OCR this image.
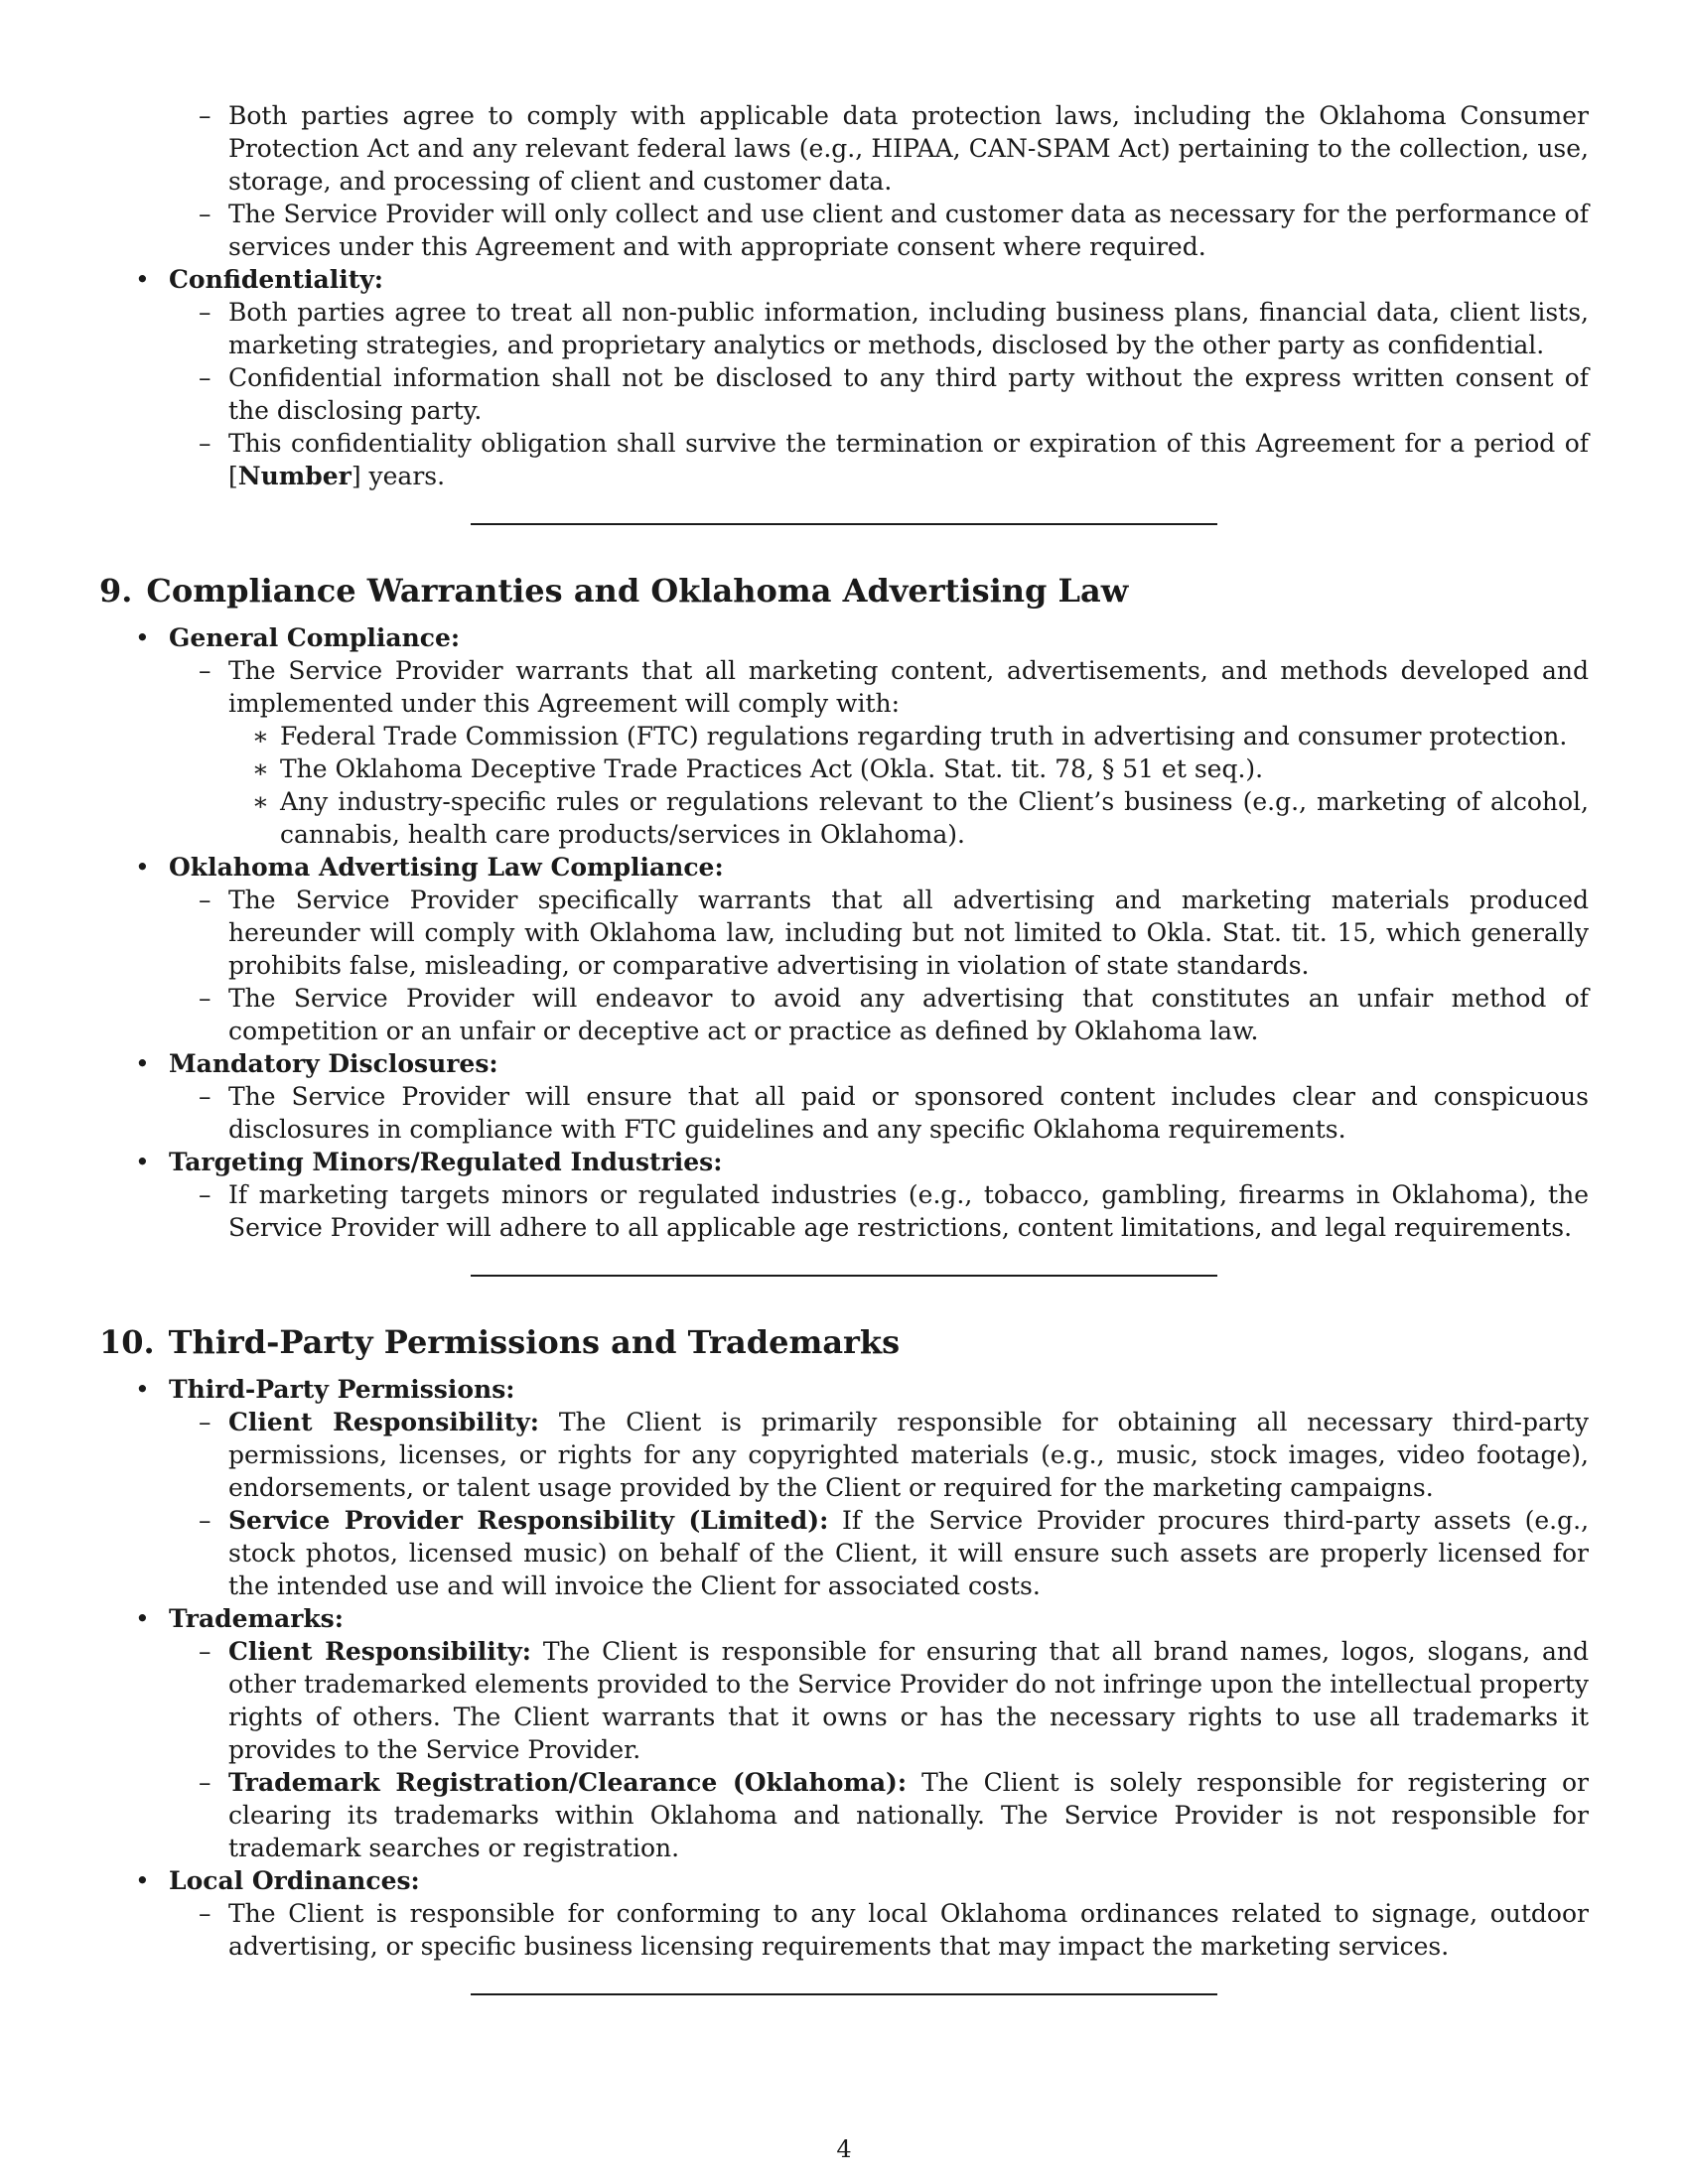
– Both parties agree to comply with applicable data protection laws, including the Oklahoma Consumer Protection Act and any relevant federal laws (e.g., HIPAA, CAN-SPAM Act) pertaining to the collection, use, storage, and processing of client and customer data.
– The Service Provider will only collect and use client and customer data as necessary for the performance of services under this Agreement and with appropriate consent where required.
• Confidentiality:
– Both parties agree to treat all non-public information, including business plans, financial data, client lists, marketing strategies, and proprietary analytics or methods, disclosed by the other party as confidential.
– Confidential information shall not be disclosed to any third party without the express written consent of the disclosing party.
– This confidentiality obligation shall survive the termination or expiration of this Agreement for a period of [Number] years.
9. Compliance Warranties and Oklahoma Advertising Law
• General Compliance:
– The Service Provider warrants that all marketing content, advertisements, and methods developed and implemented under this Agreement will comply with:
∗ Federal Trade Commission (FTC) regulations regarding truth in advertising and consumer protection.
∗ The Oklahoma Deceptive Trade Practices Act (Okla. Stat. tit. 78, § 51 et seq.).
∗ Any industry-specific rules or regulations relevant to the Client’s business (e.g., marketing of alcohol, cannabis, health care products/services in Oklahoma).
• Oklahoma Advertising Law Compliance:
– The Service Provider specifically warrants that all advertising and marketing materials produced hereunder will comply with Oklahoma law, including but not limited to Okla. Stat. tit. 15, which generally prohibits false, misleading, or comparative advertising in violation of state standards.
– The Service Provider will endeavor to avoid any advertising that constitutes an unfair method of competition or an unfair or deceptive act or practice as defined by Oklahoma law.
• Mandatory Disclosures:
– The Service Provider will ensure that all paid or sponsored content includes clear and conspicuous disclosures in compliance with FTC guidelines and any specific Oklahoma requirements.
• Targeting Minors/Regulated Industries:
– If marketing targets minors or regulated industries (e.g., tobacco, gambling, firearms in Oklahoma), the Service Provider will adhere to all applicable age restrictions, content limitations, and legal requirements.
10. Third-Party Permissions and Trademarks
• Third-Party Permissions:
– Client Responsibility: The Client is primarily responsible for obtaining all necessary third-party permissions, licenses, or rights for any copyrighted materials (e.g., music, stock images, video footage), endorsements, or talent usage provided by the Client or required for the marketing campaigns.
– Service Provider Responsibility (Limited): If the Service Provider procures third-party assets (e.g., stock photos, licensed music) on behalf of the Client, it will ensure such assets are properly licensed for the intended use and will invoice the Client for associated costs.
• Trademarks:
– Client Responsibility: The Client is responsible for ensuring that all brand names, logos, slogans, and other trademarked elements provided to the Service Provider do not infringe upon the intellectual property rights of others. The Client warrants that it owns or has the necessary rights to use all trademarks it provides to the Service Provider.
– Trademark Registration/Clearance (Oklahoma): The Client is solely responsible for registering or clearing its trademarks within Oklahoma and nationally. The Service Provider is not responsible for trademark searches or registration.
• Local Ordinances:
– The Client is responsible for conforming to any local Oklahoma ordinances related to signage, outdoor advertising, or specific business licensing requirements that may impact the marketing services.
4
